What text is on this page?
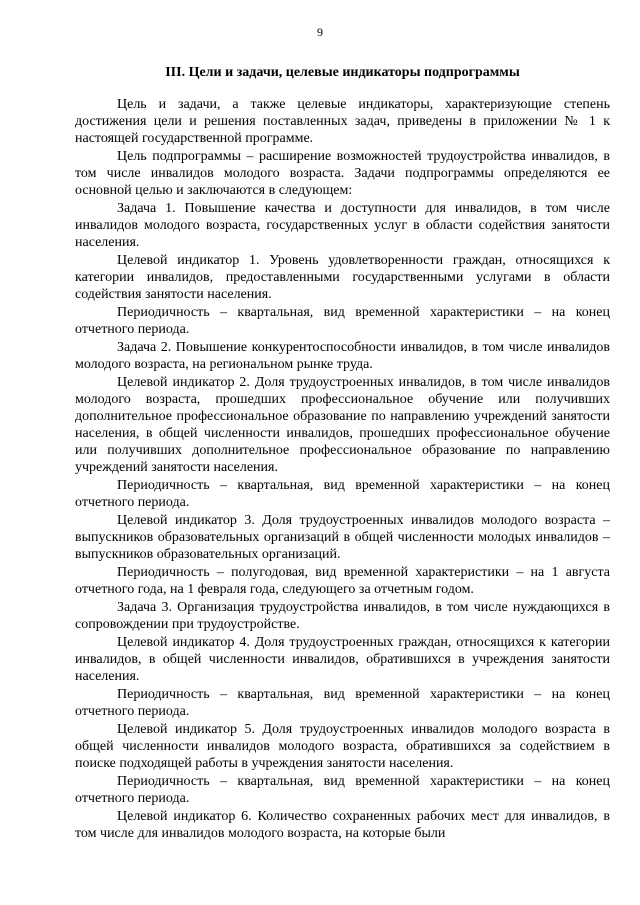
9
III. Цели и задачи, целевые индикаторы подпрограммы

Цель и задачи, а также целевые индикаторы, характеризующие степень достижения цели и решения поставленных задач, приведены в приложении № 1 к настоящей государственной программе.

Цель подпрограммы – расширение возможностей трудоустройства инвалидов, в том числе инвалидов молодого возраста. Задачи подпрограммы определяются ее основной целью и заключаются в следующем:

Задача 1. Повышение качества и доступности для инвалидов, в том числе инвалидов молодого возраста, государственных услуг в области содействия занятости населения.

Целевой индикатор 1. Уровень удовлетворенности граждан, относящихся к категории инвалидов, предоставленными государственными услугами в области содействия занятости населения.

Периодичность – квартальная, вид временной характеристики – на конец отчетного периода.

Задача 2. Повышение конкурентоспособности инвалидов, в том числе инвалидов молодого возраста, на региональном рынке труда.

Целевой индикатор 2. Доля трудоустроенных инвалидов, в том числе инвалидов молодого возраста, прошедших профессиональное обучение или получивших дополнительное профессиональное образование по направлению учреждений занятости населения, в общей численности инвалидов, прошедших профессиональное обучение или получивших дополнительное профессиональное образование по направлению учреждений занятости населения.

Периодичность – квартальная, вид временной характеристики – на конец отчетного периода.

Целевой индикатор 3. Доля трудоустроенных инвалидов молодого возраста – выпускников образовательных организаций в общей численности молодых инвалидов – выпускников образовательных организаций.

Периодичность – полугодовая, вид временной характеристики – на 1 августа отчетного года, на 1 февраля года, следующего за отчетным годом.

Задача 3. Организация трудоустройства инвалидов, в том числе нуждающихся в сопровождении при трудоустройстве.

Целевой индикатор 4. Доля трудоустроенных граждан, относящихся к категории инвалидов, в общей численности инвалидов, обратившихся в учреждения занятости населения.

Периодичность – квартальная, вид временной характеристики – на конец отчетного периода.

Целевой индикатор 5. Доля трудоустроенных инвалидов молодого возраста в общей численности инвалидов молодого возраста, обратившихся за содействием в поиске подходящей работы в учреждения занятости населения.

Периодичность – квартальная, вид временной характеристики – на конец отчетного периода.

Целевой индикатор 6. Количество сохраненных рабочих мест для инвалидов, в том числе для инвалидов молодого возраста, на которые были
